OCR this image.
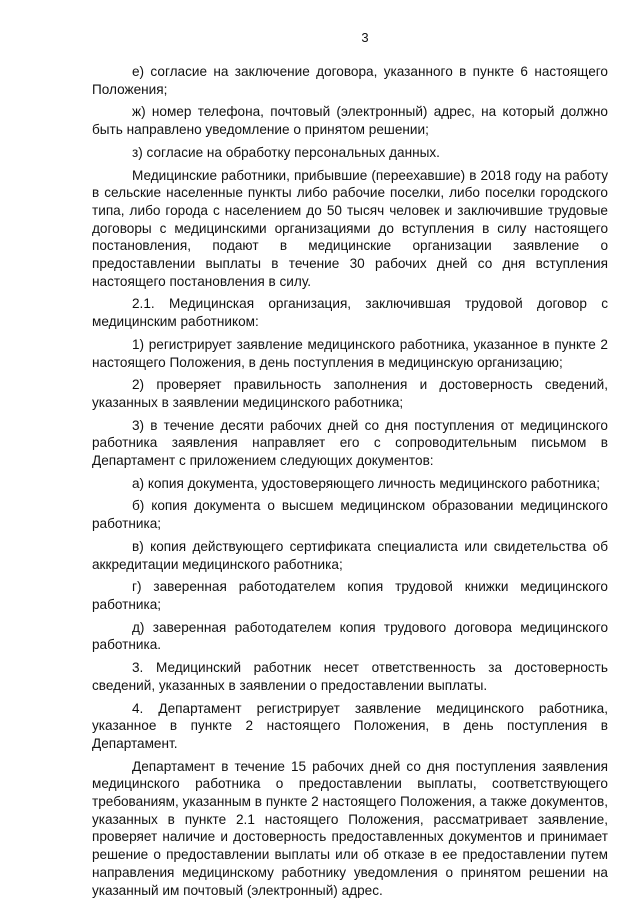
3

е) согласие на заключение договора, указанного в пункте 6 настоящего Положения;

ж) номер телефона, почтовый (электронный) адрес, на который должно быть направлено уведомление о принятом решении;

з) согласие на обработку персональных данных.

Медицинские работники, прибывшие (переехавшие) в 2018 году на работу в сельские населенные пункты либо рабочие поселки, либо поселки городского типа, либо города с населением до 50 тысяч человек и заключившие трудовые договоры с медицинскими организациями до вступления в силу настоящего постановления, подают в медицинские организации заявление о предоставлении выплаты в течение 30 рабочих дней со дня вступления настоящего постановления в силу.

2.1. Медицинская организация, заключившая трудовой договор с медицинским работником:

1) регистрирует заявление медицинского работника, указанное в пункте 2 настоящего Положения, в день поступления в медицинскую организацию;

2) проверяет правильность заполнения и достоверность сведений, указанных в заявлении медицинского работника;

3) в течение десяти рабочих дней со дня поступления от медицинского работника заявления направляет его с сопроводительным письмом в Департамент с приложением следующих документов:

а) копия документа, удостоверяющего личность медицинского работника;

б) копия документа о высшем медицинском образовании медицинского работника;

в) копия действующего сертификата специалиста или свидетельства об аккредитации медицинского работника;

г) заверенная работодателем копия трудовой книжки медицинского работника;

д) заверенная работодателем копия трудового договора медицинского работника.

3. Медицинский работник несет ответственность за достоверность сведений, указанных в заявлении о предоставлении выплаты.

4. Департамент регистрирует заявление медицинского работника, указанное в пункте 2 настоящего Положения, в день поступления в Департамент.

Департамент в течение 15 рабочих дней со дня поступления заявления медицинского работника о предоставлении выплаты, соответствующего требованиям, указанным в пункте 2 настоящего Положения, а также документов, указанных в пункте 2.1 настоящего Положения, рассматривает заявление, проверяет наличие и достоверность предоставленных документов и принимает решение о предоставлении выплаты или об отказе в ее предоставлении путем направления медицинскому работнику уведомления о принятом решении на указанный им почтовый (электронный) адрес.
